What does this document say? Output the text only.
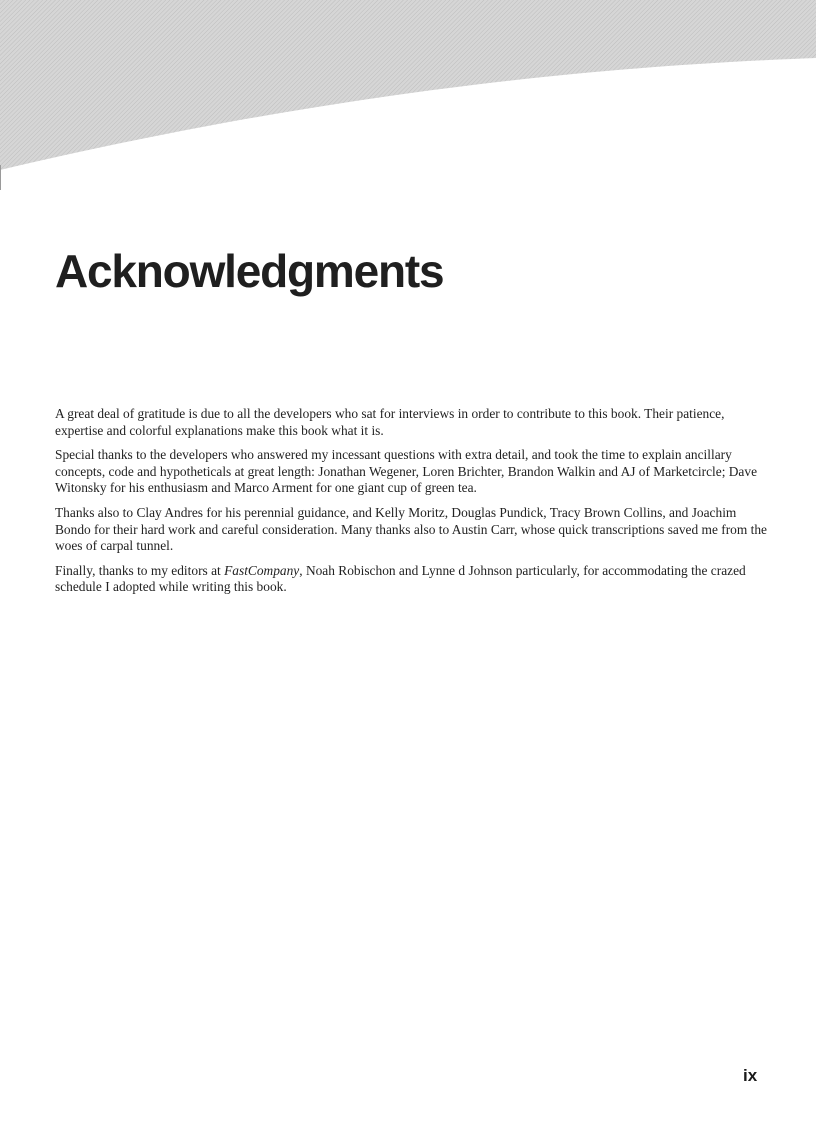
Acknowledgments

A great deal of gratitude is due to all the developers who sat for interviews in order to contribute to this book. Their patience, expertise and colorful explanations make this book what it is.

Special thanks to the developers who answered my incessant questions with extra detail, and took the time to explain ancillary concepts, code and hypotheticals at great length: Jonathan Wegener, Loren Brichter, Brandon Walkin and AJ of Marketcircle; Dave Witonsky for his enthusiasm and Marco Arment for one giant cup of green tea.

Thanks also to Clay Andres for his perennial guidance, and Kelly Moritz, Douglas Pundick, Tracy Brown Collins, and Joachim Bondo for their hard work and careful consideration. Many thanks also to Austin Carr, whose quick transcriptions saved me from the woes of carpal tunnel.

Finally, thanks to my editors at FastCompany, Noah Robischon and Lynne d Johnson particularly, for accommodating the crazed schedule I adopted while writing this book.

ix
